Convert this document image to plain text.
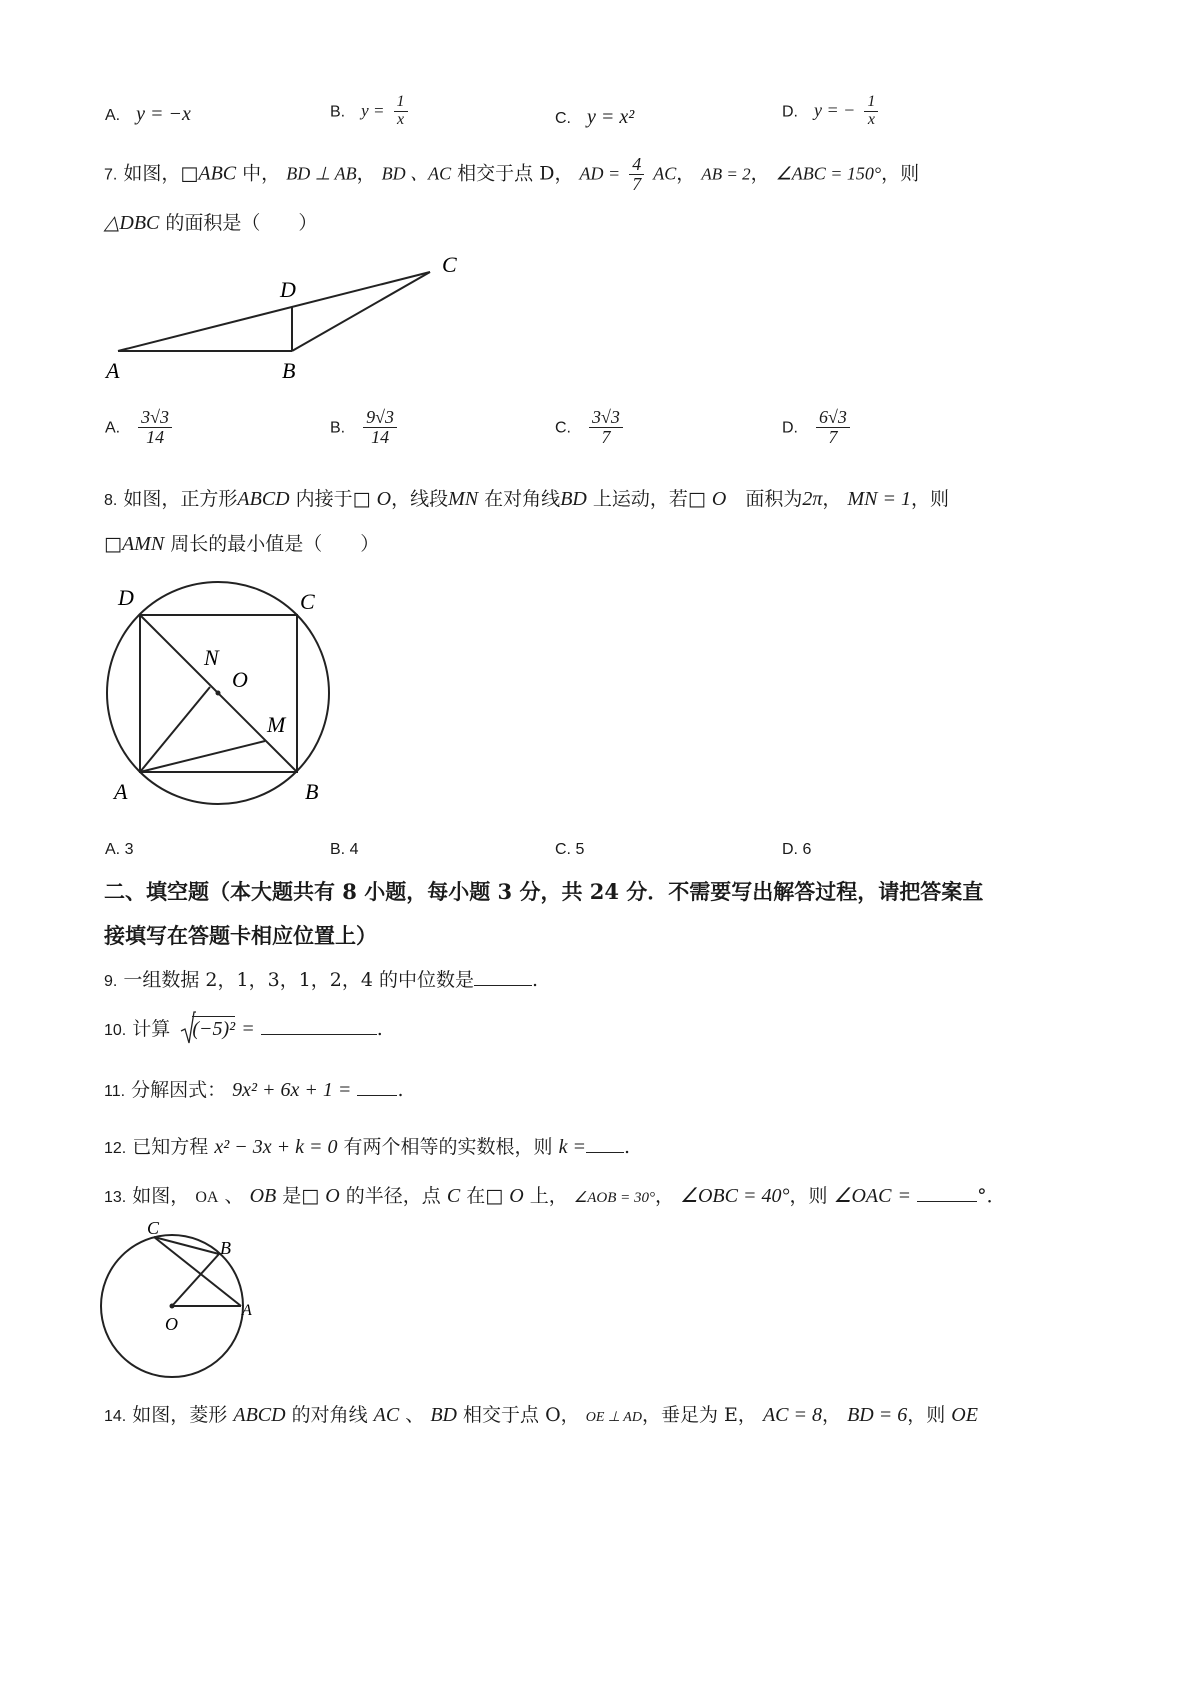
A. y = −x	B. $y = \frac{1}{x}$	C. y = x²	D. y = − $\frac{1}{x}$
7. 如图，□ABC 中， BD ⊥ AB， BD 、AC 相交于点 D， AD = $\frac{4}{7}$ AC， AB = 2， ∠ABC = 150°，则
△DBC 的面积是（　　）
A	B
C
D
A. $\frac{3√3}{14}$	B. $\frac{9√3}{14}$	C. $\frac{3√3}{7}$	D. $\frac{6√3}{7}$
8. 如图，正方形ABCD 内接于□ O，线段MN 在对角线BD 上运动，若□ O　面积为2π， MN = 1，则
□AMN 周长的最小值是（　　）
D	C
A	B
N
O
M
A. 3	B. 4	C. 5	D. 6
二、填空题（本大题共有 8 小题，每小题 3 分，共 24 分．不需要写出解答过程，请把答案直
接填写在答题卡相应位置上）
9. 一组数据 2，1，3，1，2，4 的中位数是	.
10. 计算 (−5)² =	.
11. 分解因式： 9x² + 6x + 1 = .
12. 已知方程 x² − 3x + k = 0 有两个相等的实数根，则 k = .
13. 如图， OA 、 OB 是□ O 的半径，点 C 在□ O 上， ∠AOB = 30°， ∠OBC = 40°，则 ∠OAC =	°．
C
B
A
O
14. 如图，菱形 ABCD 的对角线 AC 、 BD 相交于点 O， OE ⊥ AD，垂足为 E， AC = 8， BD = 6，则 OE
